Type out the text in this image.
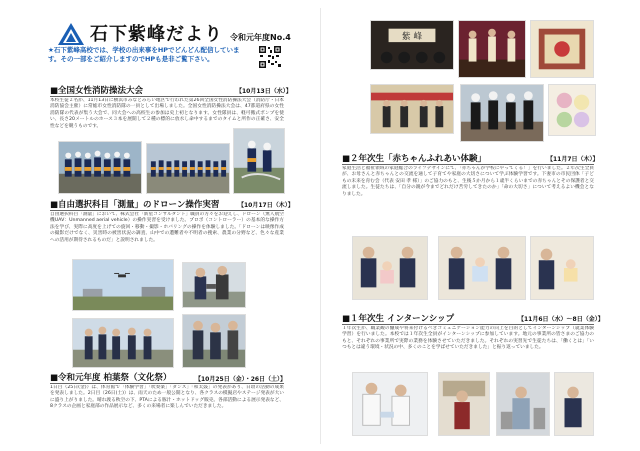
石下紫峰だより 令和元年度No.4
★石下紫峰高校では、学校の出来事をHPでどんどん配信しています。その一部をご紹介しますのでHPも是非ご覧下さい。
■全国女性消防操法大会	【10月13日（水）】
本校生徒２名が、11月13日に横浜市みなとみらい地区で行われた第26回全国女性消防操法大会（消防庁・日本消防協会主催）に常総市女性消防隊の一員として出場しました。全国女性消防操法大会は、47都道府県の女性消防隊の代表が集う大会で、同大会への高校生の参加は史上初となります。女性隊員は、軽可搬式ポンプを使い、長さ20メートルのホース３本を展開して２種の標的に放水し命中するまでのタイムと所作の正確さ、安全性などを競うものです。
■自由選択科目「測量」のドローン操作実習	【10月17日（木）】
自由選択科目「測量」において、株式会社「新星コンサルタント」職員の方々をお迎えし、ドローン（無人航空機UAV：Unmanned aerial vehicle）の操作実習を受けました。プロポ（コントローラー）の基本的な操作方法を学び、実際に高度を上げての旋回・移動・撮影・ホバリングの操作を体験しました。「ドローンは映像作成の撮影だけでなく、災害時の被害状況の調査、山中での遭難者や不明者の捜索、農業の分野など、色々な産業への活用が期待されるものだ」と説明されました。
■令和元年度 柏葉祭（文化祭）	【10月25日（金）・26日（土）】
1日目（25日(金)）は、体育館で「体験学習」「吹奏楽」「ダンス」「和太鼓」の発表があり、日頃の活動の成果を発表しました。2日目（26日(土)）は、雨天のため一般公開となり、各クラスの模擬店やステージ発表が大いに盛り上がりました。晴れ渡る秋空の下、PTAによる豚汁・ホットドッグ販売、各部活動による展示発表など、8クラスの企画と家庭部の作品展示など、多くの来場者に楽しんでいただきました。
紫 峰
■２年次生「赤ちゃんふれあい体験」	【11月7日（木）】
家庭生活と福祉領域の家庭総合のライフデザインにて、「赤ちゃんが学校にやってくる！」を行いました。２年次生全員が、お母さんと赤ちゃんとの交流を通して子育てや家庭の大切さについて学ぶ体験学習です。下妻市の市民団体「子どもの未来を育む会（代表 安田 孝 様）」のご協力のもと、生後５か月から１歳半くらいまでの赤ちゃんとその保護者と交流しました。生徒たちは、「自分の親が今までどれだけ苦労してきたのか」「命の大切さ」について考えるよい機会となりました。
■１年次生 インターンシップ	【11月6日（水）～8日（金）】
１年次生が、職業観の醸成や将来付けるべきコミュニケーション能力の向上を目的としてインターンシップ（就業体験学習）を行いました。本校では１年次生全員がインターンシップに参加しています。地元の事業所の皆さまのご協力のもと、それぞれの事業所で実際の業務を体験させていただきました。それぞれの実習先で生徒たちは、「働くとは」「いつもとは違う環境・状況の中、多くのことを学ばせていただきました」と振り返っていました。
